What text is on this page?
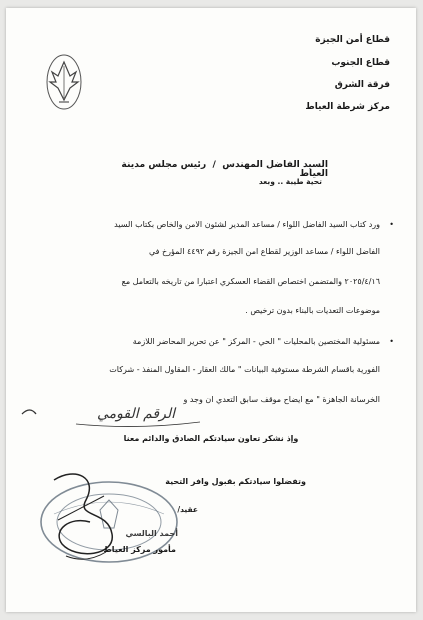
قطاع أمن الجيزة
قطاع الجنوب
فرقة الشرق
مركز شرطة العياط
السيد الفاضل المهندس  /  رئيس مجلس مدينة العياط
تحية طيبة .. وبعد
•
ورد كتاب السيد الفاضل اللواء / مساعد المدير لشئون الامن والخاص بكتاب السيد
الفاضل اللواء / مساعد الوزير لقطاع امن الجيزة رقم ٤٤٩٢ المؤرخ في
٢٠٢٥/٤/١٦ والمتضمن اختصاص القضاء العسكري اعتبارا من تاريخه بالتعامل مع
موضوعات التعديات بالبناء بدون ترخيص .
•
مسئولية المختصين بالمحليات " الحي - المركز " عن تحرير المحاضر اللازمة
الفورية باقسام الشرطة مستوفية البيانات " مالك العقار - المقاول المنفذ - شركات
الخرسانة الجاهزة " مع ايضاح موقف سابق التعدي ان وجد و
الرقم القومي
وإذ نشكر تعاون سيادتكم الصادق والدائم معنا
وتفضلوا سيادتكم بقبول وافر التحية
عقيد/
أحمد البالسي
مأمور مركز العياط
